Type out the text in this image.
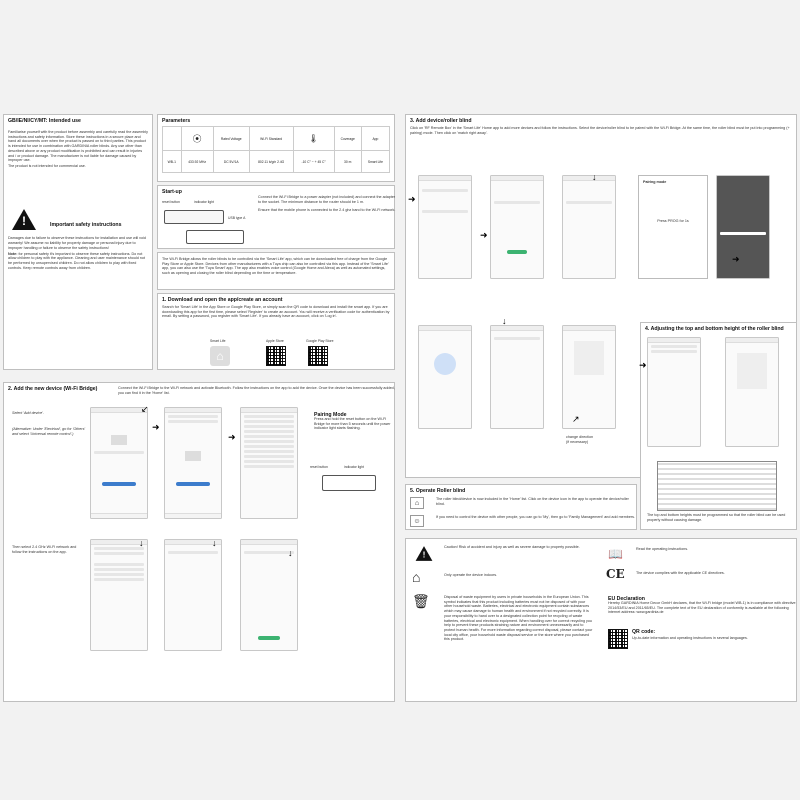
GB/IE/NI/CY/MT: Intended use

Familiarise yourself with the product before assembly and carefully read the assembly instructions and safety information. Store these instructions in a secure place and hand all documents over when the product is passed on to third parties. This product is intended for use in combination with GARDINIA roller blinds. Any use other than described above or any product modification is prohibited and can result in injuries and / or product damage. The manufacturer is not liable for damage caused by improper use.

The product is not intended for commercial use.

!
Important safety instructions

Damages due to failure to observe these instructions for installation and use will void warranty! We assume no liability for property damage or personal injury due to improper handling or failure to observe the safety instructions!

Note: for personal safety it's important to observe these safety instructions. Do not allow children to play with the appliance. Cleaning and user maintenance should not be performed by unsupervised children. Do not allow children to play with fixed controls. Keep remote controls away from children.

Parameters
	⦿	Rated Voltage	Wi-Fi Standard	🌡	Coverage	App
WB-1	433.92 MHz	DC 5V/1A	802.11 b/g/n 2.4G	-10 C° ~ + 45 C°	30 m	Smart Life
Start-up
reset button	indicator light
USB type A

Connect the Wi-Fi Bridge to a power adapter (not included) and connect the adapter to the socket. The minimum distance to the router should be 1 m.

Ensure that the mobile phone is connected to the 2.4 ghz band to the Wi-Fi network.

The Wi-Fi Bridge allows the roller blinds to be controlled via the 'Smart Life' app, which can be downloaded free of charge from the Google Play Store or Apple Store. Devices from other manufacturers with a Tuya chip can also be controlled via this app. Instead of the 'Smart Life' app, you can also use the 'Tuya Smart' app. The app also enables voice control (Google Home and Alexa) as well as automated settings, such as opening and closing the roller blind depending on the time or temperature.
1. Download and open the app/create an account
Search for 'Smart Life' in the App Store or Google Play Store, or simply scan the QR code to download and install the smart app. If you are downloading this app for the first time, please select 'Register' to create an account. You will receive a verification code for authentication by email. By setting a password, you register with 'Smart Life'. If you already have an account, click on 'Log in'.
Smart Life	Apple Store	Google Play Store
⌂
2. Add the new device (Wi-Fi Bridge)	Connect the Wi-Fi Bridge to the Wi-Fi network and activate Bluetooth. Follow the instructions on the app to add the device. Once the device has been successfully added, you can find it in the 'Home' list.
Select 'Add device'.
(Alternative: Under 'Electrical', go for 'Others' and select 'Universal remote control'.)
↙
➜
➜
Pairing Mode
Press and hold the reset button on the Wi-Fi Bridge for more than 5 seconds until the power indicator light starts flashing.
reset button	indicator light
Then select 2.4 GHz Wi-Fi network and follow the instructions on the app.
↓	↓
↓
3. Add device/roller blind
Click on 'RF Remote Box' in the 'Smart Life' Home app to add more devices and follow the instructions. Select the device/roller blind to be paired with the Wi-Fi Bridge. At the same time, the roller blind must be put into programming (+ pairing) mode. Then click on 'match right away'.
➜
➜
↓	Pairing mode
Press PROG for 1s
➜
↓
↗
change direction
(if necessary)
4. Adjusting the top and bottom height of the roller blind
➜
The top and bottom heights must be programmed so that the roller blind can be used properly without causing damage.
5. Operate Roller blind
⌂
The roller blind/device is now included in the 'Home' list. Click on the device icon in the app to operate the device/roller blind.
☺
If you need to control the device with other people, you can go to 'My', then go to 'Family Management' and add members.
!
Caution! Risk of accident and injury as well as severe damage to property possible.
⌂	Only operate the device indoors.
🗑	Disposal of waste equipment by users in private households in the European Union. This symbol indicates that this product including batteries must not be disposed of with your other household waste. Batteries, electrical and electronic equipment contain substances which may cause damage to human health and environment if not recycled correctly. It is your responsibility to hand over to a designated collection point for recycling of waste batteries, electrical and electronic equipment. When handling over for correct recycling you help to prevent these products straining nature and environment unnecessarily and to protect human health. For more information regarding correct disposal, please contact your local city office, your household waste disposal service or the store where you purchased this product.
📖	Read the operating instructions.
CE	The device complies with the applicable CE directives.
EU Declaration
Hereby GARDINIA Home Decor GmbH declares, that the Wi-Fi bridge (model WB-1) is in compliance with directive 2014/53/EU and 2011/65/EU. The complete text of the EU declaration of conformity is available at the following internet address: www.gardinia.de
QR code:
Up-to-date information and operating instructions in several languages.
